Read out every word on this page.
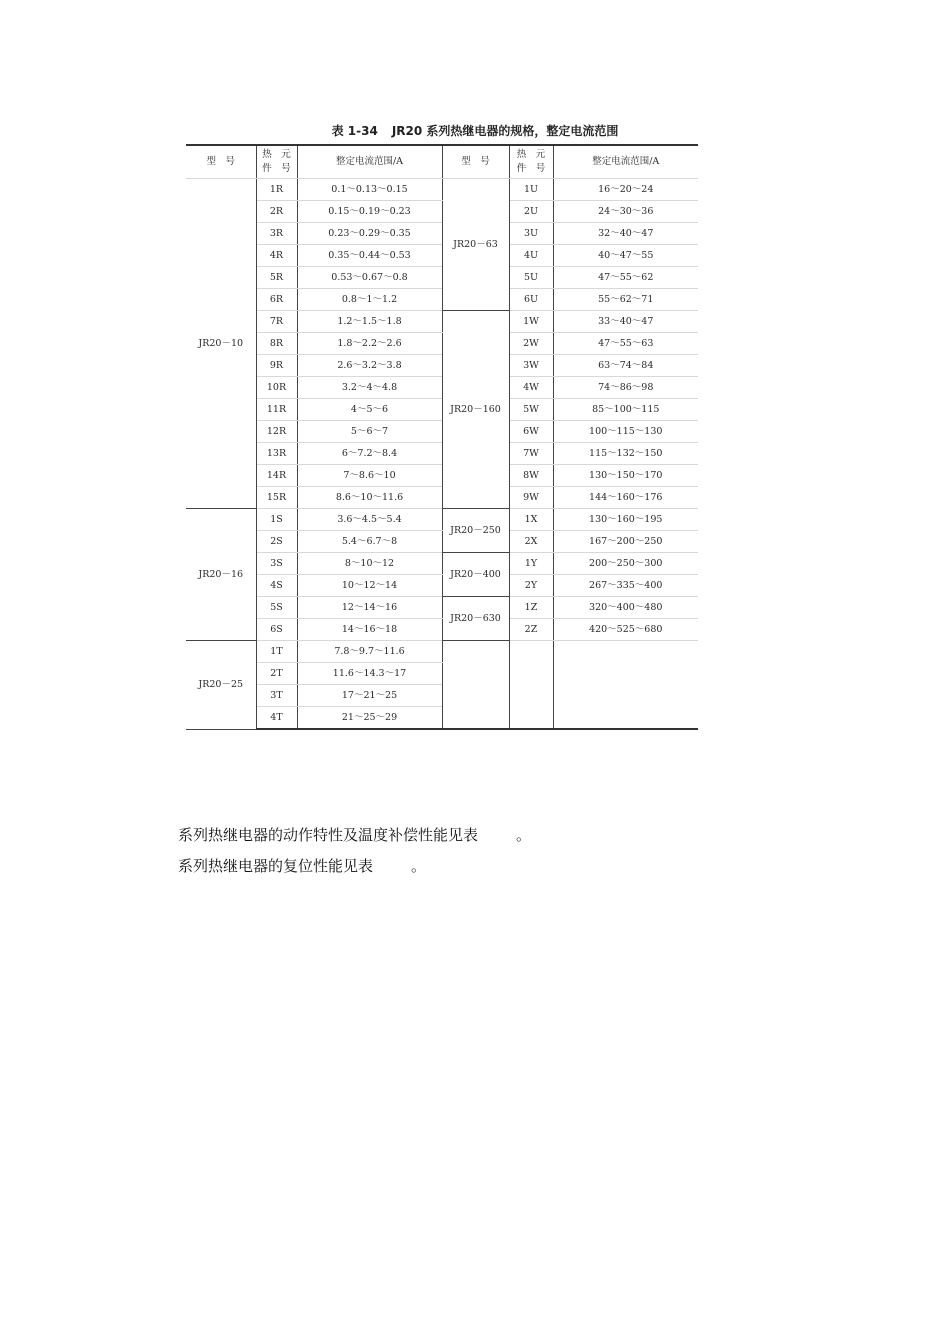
表 1-34 JR20 系列热继电器的规格，整定电流范围
型　号	热　元
件　号	整定电流范围/A	型　号	热　元
件　号	整定电流范围/A
JR20－10	1R	0.1～0.13～0.15	JR20－63	1U	16～20～24
	2R	0.15～0.19～0.23		2U	24～30～36
	3R	0.23～0.29～0.35		3U	32～40～47
	4R	0.35～0.44～0.53		4U	40～47～55
	5R	0.53～0.67～0.8		5U	47～55～62
	6R	0.8～1～1.2		6U	55～62～71
	7R	1.2～1.5～1.8	JR20－160	1W	33～40～47
	8R	1.8～2.2～2.6		2W	47～55～63
	9R	2.6～3.2～3.8		3W	63～74～84
	10R	3.2～4～4.8		4W	74～86～98
	11R	4～5～6		5W	85～100～115
	12R	5～6～7		6W	100～115～130
	13R	6～7.2～8.4		7W	115～132～150
	14R	7～8.6～10		8W	130～150～170
	15R	8.6～10～11.6		9W	144～160～176
JR20－16	1S	3.6～4.5～5.4	JR20－250	1X	130～160～195
	2S	5.4～6.7～8		2X	167～200～250
	3S	8～10～12	JR20－400	1Y	200～250～300
	4S	10～12～14		2Y	267～335～400
	5S	12～14～16	JR20－630	1Z	320～400～480
	6S	14～16～18		2Z	420～525～680
JR20－25	1T	7.8～9.7～11.6			
	2T	11.6～14.3～17			
	3T	17～21～25			
	4T	21～25～29			
系列热继电器的动作特性及温度补偿性能见表	。
系列热继电器的复位性能见表	。
